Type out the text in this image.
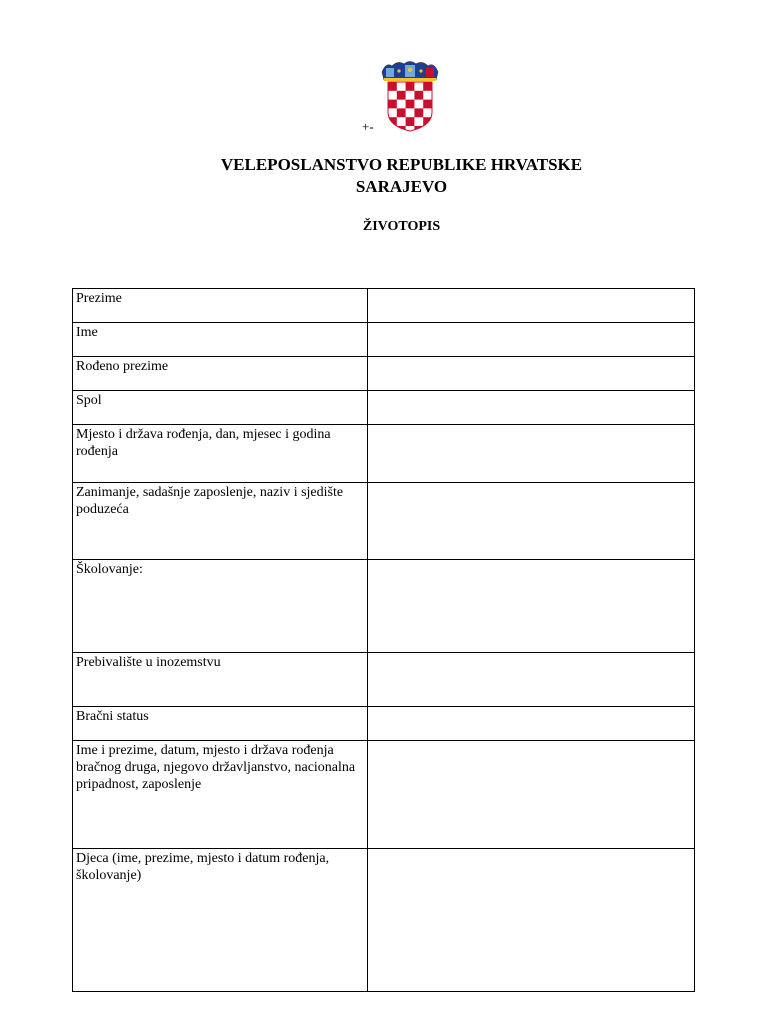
+-
VELEPOSLANSTVO REPUBLIKE HRVATSKE
SARAJEVO
ŽIVOTOPIS
Prezime	
Ime	
Rođeno prezime	
Spol	
Mjesto i država rođenja, dan, mjesec i godina rođenja	
Zanimanje, sadašnje zaposlenje, naziv i sjedište poduzeća	
Školovanje:	
Prebivalište u inozemstvu	
Bračni status	
Ime i prezime, datum, mjesto i država rođenja bračnog druga, njegovo državljanstvo, nacionalna pripadnost, zaposlenje	
Djeca (ime, prezime, mjesto i datum rođenja, školovanje)	
